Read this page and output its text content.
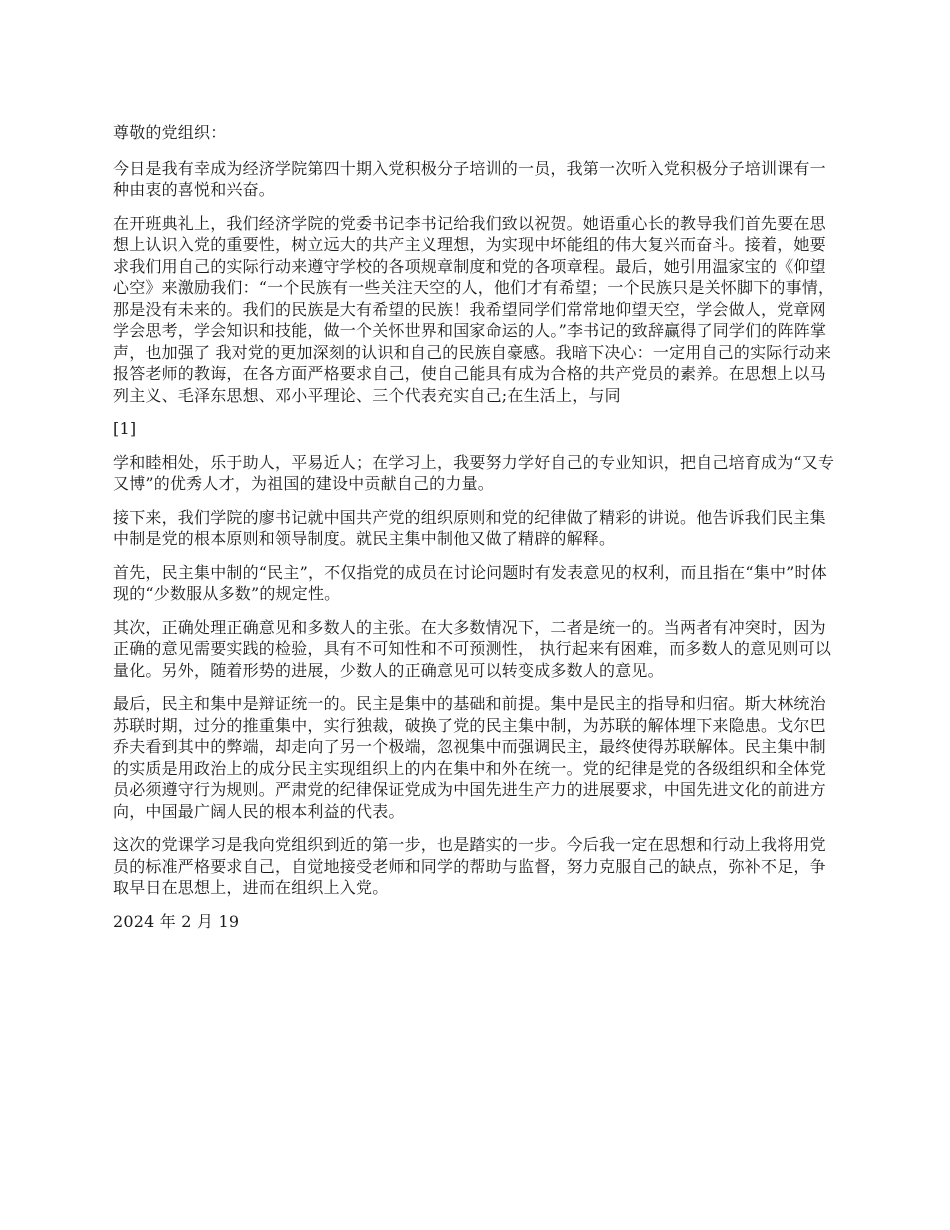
尊敬的党组织：

今日是我有幸成为经济学院第四十期入党积极分子培训的一员，我第一次听入党积极分子培训课有一种由衷的喜悦和兴奋。

在开班典礼上，我们经济学院的党委书记李书记给我们致以祝贺。她语重心长的教导我们首先要在思想上认识入党的重要性，树立远大的共产主义理想，为实现中坏能组的伟大复兴而奋斗。接着，她要求我们用自己的实际行动来遵守学校的各项规章制度和党的各项章程。最后，她引用温家宝的《仰望心空》来激励我们：“一个民族有一些关注天空的人，他们才有希望；一个民族只是关怀脚下的事情，那是没有未来的。我们的民族是大有希望的民族！我希望同学们常常地仰望天空，学会做人，党章网学会思考，学会知识和技能，做一个关怀世界和国家命运的人。”李书记的致辞赢得了同学们的阵阵掌声，也加强了 我对党的更加深刻的认识和自己的民族自豪感。我暗下决心：一定用自己的实际行动来报答老师的教诲，在各方面严格要求自己，使自己能具有成为合格的共产党员的素养。在思想上以马列主义、毛泽东思想、邓小平理论、三个代表充实自己;在生活上，与同

[1]

学和睦相处，乐于助人，平易近人；在学习上，我要努力学好自己的专业知识，把自己培育成为“又专又博”的优秀人才，为祖国的建设中贡献自己的力量。

接下来，我们学院的廖书记就中国共产党的组织原则和党的纪律做了精彩的讲说。他告诉我们民主集中制是党的根本原则和领导制度。就民主集中制他又做了精辟的解释。

首先，民主集中制的“民主”，不仅指党的成员在讨论问题时有发表意见的权利，而且指在“集中”时体现的“少数服从多数”的规定性。

其次，正确处理正确意见和多数人的主张。在大多数情况下，二者是统一的。当两者有冲突时，因为正确的意见需要实践的检验，具有不可知性和不可预测性， 执行起来有困难，而多数人的意见则可以量化。另外，随着形势的进展，少数人的正确意见可以转变成多数人的意见。

最后，民主和集中是辩证统一的。民主是集中的基础和前提。集中是民主的指导和归宿。斯大林统治苏联时期，过分的推重集中，实行独裁，破换了党的民主集中制，为苏联的解体埋下来隐患。戈尔巴乔夫看到其中的弊端，却走向了另一个极端，忽视集中而强调民主，最终使得苏联解体。民主集中制的实质是用政治上的成分民主实现组织上的内在集中和外在统一。党的纪律是党的各级组织和全体党员必须遵守行为规则。严肃党的纪律保证党成为中国先进生产力的进展要求，中国先进文化的前进方向，中国最广阔人民的根本利益的代表。

这次的党课学习是我向党组织到近的第一步，也是踏实的一步。今后我一定在思想和行动上我将用党员的标准严格要求自己，自觉地接受老师和同学的帮助与监督，努力克服自己的缺点，弥补不足，争取早日在思想上，进而在组织上入党。

2024 年 2 月 19
